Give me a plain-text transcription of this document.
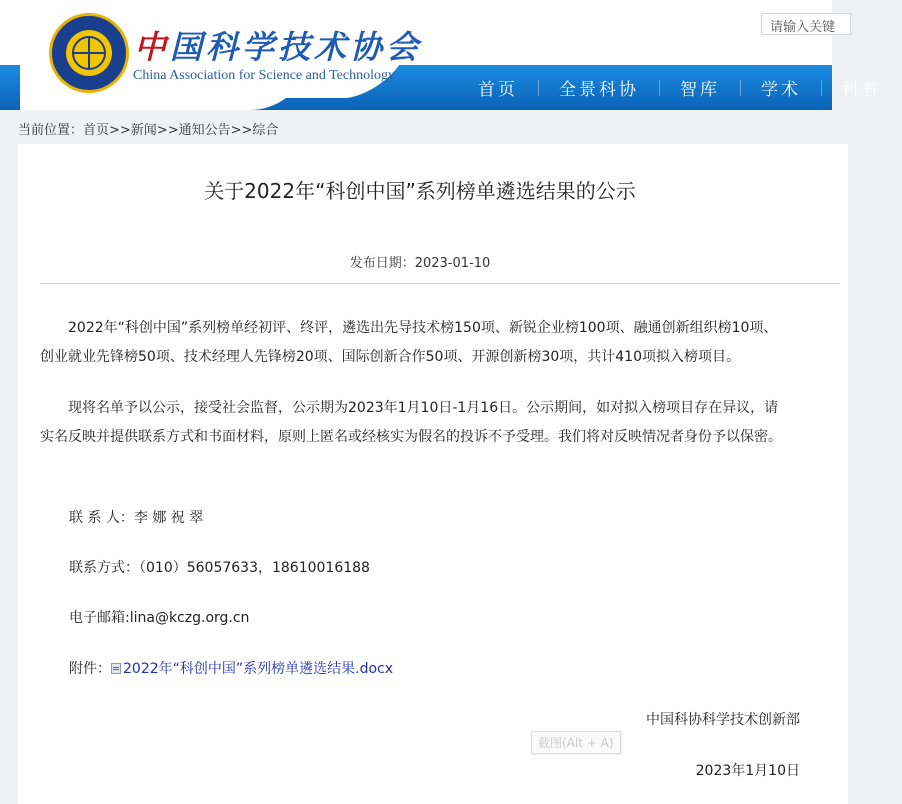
中国科学技术协会
China Association for Science and Technology
请输入关键
首页	全景科协	智库	学术	科普
当前位置：首页>>新闻>>通知公告>>综合
关于2022年“科创中国”系列榜单遴选结果的公示
发布日期：2023-01-10
2022年“科创中国”系列榜单经初评、终评，遴选出先导技术榜150项、新锐企业榜100项、融通创新组织榜10项、创业就业先锋榜50项、技术经理人先锋榜20项、国际创新合作50项、开源创新榜30项，共计410项拟入榜项目。
现将名单予以公示，接受社会监督，公示期为2023年1月10日-1月16日。公示期间，如对拟入榜项目存在异议，请实名反映并提供联系方式和书面材料，原则上匿名或经核实为假名的投诉不予受理。我们将对反映情况者身份予以保密。
联 系 人：李 娜 祝 翠
联系方式：（010）56057633，18610016188
电子邮箱:lina@kczg.org.cn
附件： 2022年“科创中国”系列榜单遴选结果.docx
中国科协科学技术创新部
2023年1月10日
截图(Alt + A)
